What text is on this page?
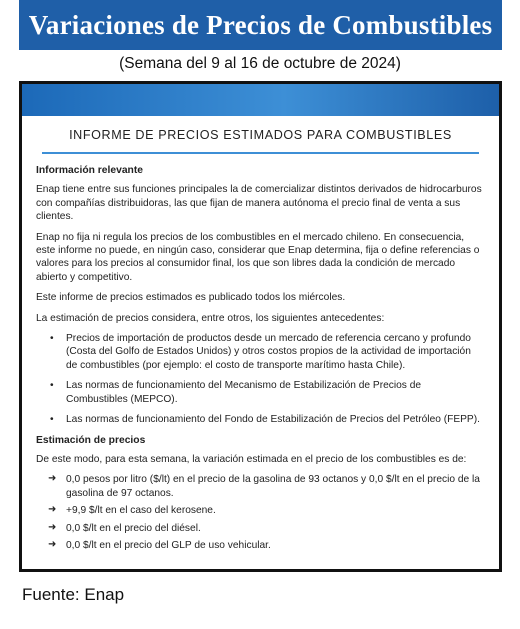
Variaciones de Precios de Combustibles
(Semana del 9 al 16 de octubre de 2024)
INFORME DE PRECIOS ESTIMADOS PARA COMBUSTIBLES
Información relevante

Enap tiene entre sus funciones principales la de comercializar distintos derivados de hidrocarburos con compañías distribuidoras, las que fijan de manera autónoma el precio final de venta a sus clientes.

Enap no fija ni regula los precios de los combustibles en el mercado chileno. En consecuencia, este informe no puede, en ningún caso, considerar que Enap determina, fija o define referencias o valores para los precios al consumidor final, los que son libres dada la condición de mercado abierto y competitivo.

Este informe de precios estimados es publicado todos los miércoles.

La estimación de precios considera, entre otros, los siguientes antecedentes:

• Precios de importación de productos desde un mercado de referencia cercano y profundo (Costa del Golfo de Estados Unidos) y otros costos propios de la actividad de importación de combustibles (por ejemplo: el costo de transporte marítimo hasta Chile).
• Las normas de funcionamiento del Mecanismo de Estabilización de Precios de Combustibles (MEPCO).
• Las normas de funcionamiento del Fondo de Estabilización de Precios del Petróleo (FEPP).
Estimación de precios

De este modo, para esta semana, la variación estimada en el precio de los combustibles es de:

➜ 0,0 pesos por litro ($/lt) en el precio de la gasolina de 93 octanos y 0,0 $/lt en el precio de la gasolina de 97 octanos.
➜ +9,9 $/lt en el caso del kerosene.
➜ 0,0 $/lt en el precio del diésel.
➜ 0,0 $/lt en el precio del GLP de uso vehicular.
Fuente: Enap
